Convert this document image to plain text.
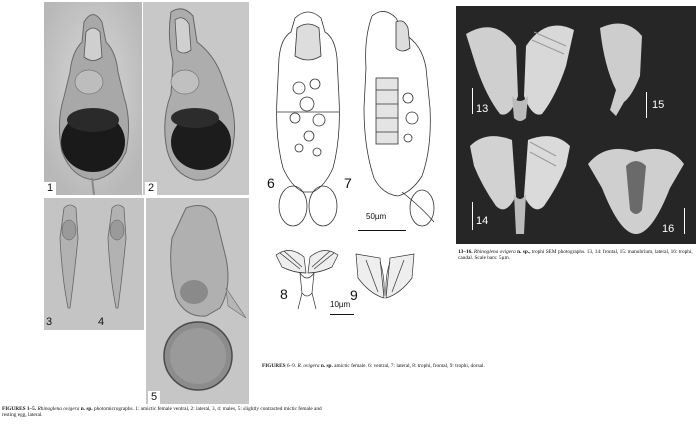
1	2
3	4
5
6	7
50µm
8
10µm
9
13	15
14
16
FIGURES 1–5. Rhinoglena ovigera n. sp. photomicrographs. 1: amictic female ventral, 2: lateral, 3, 4: males, 5: slightly contracted mictic female and resting egg, lateral.
FIGURES 6–9. R. ovigera n. sp. amictic female. 6: ventral, 7: lateral, 8: trophi, frontal, 9: trophi, dorsal.
13–16. Rhinoglena ovigera n. sp., trophi SEM photographs. 13, 14: frontal, 15: manubrium, lateral, 16: trophi, caudal. Scale bars: 5µm.
